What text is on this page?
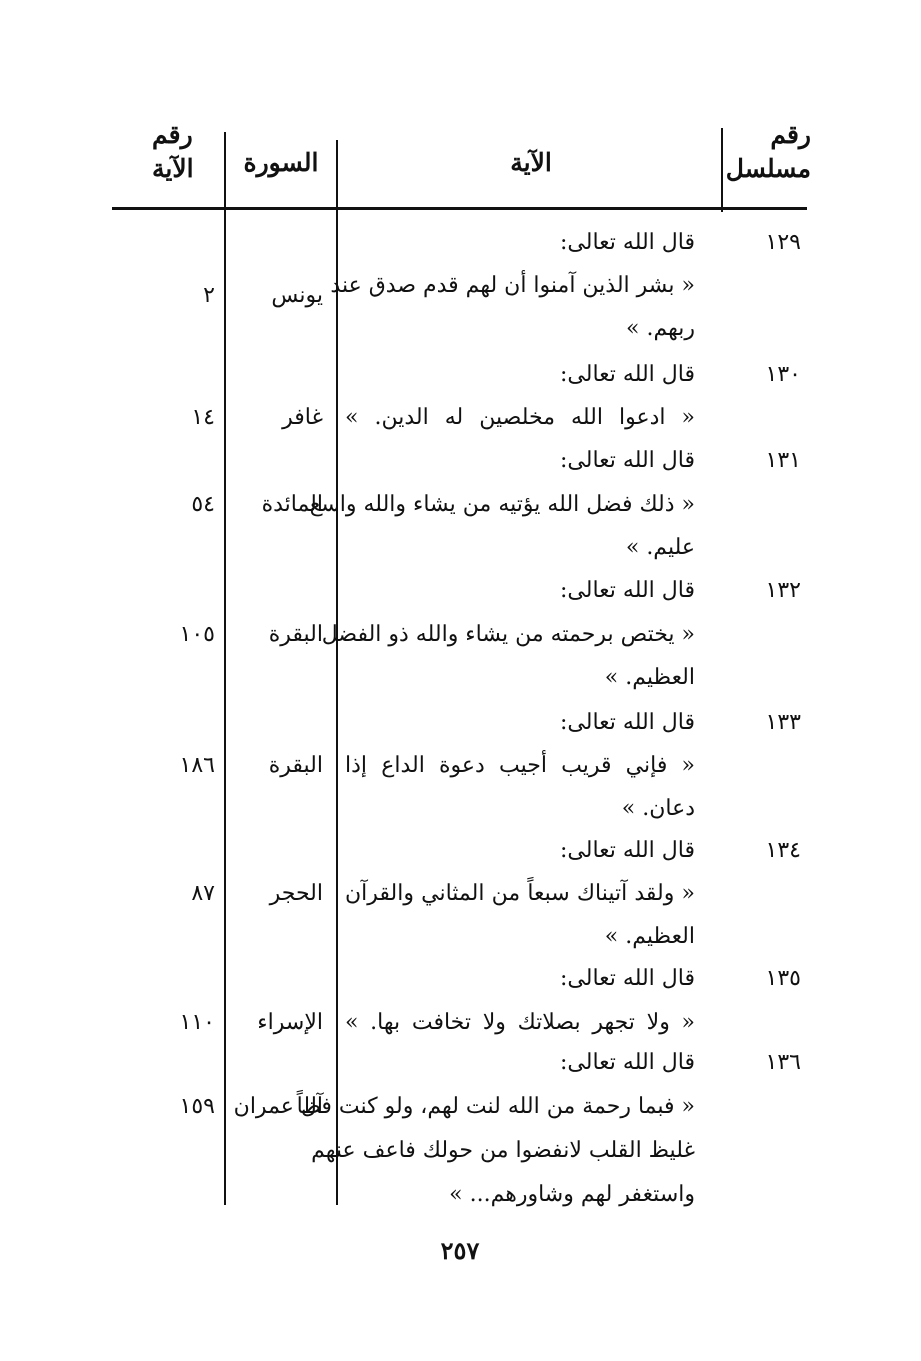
رقم
مسلسل
الآية
السورة
رقم
الآية
١٢٩
قال الله تعالى:
« بشر الذين آمنوا أن لهم قدم صدق عند
ربهم. »
يونس
٢
١٣٠
قال الله تعالى:
« ادعوا الله مخلصين له الدين. »
غافر
١٤
١٣١
قال الله تعالى:
« ذلك فضل الله يؤتيه من يشاء والله واسع
عليم. »
المائدة
٥٤
١٣٢
قال الله تعالى:
« يختص برحمته من يشاء والله ذو الفضل
العظيم. »
البقرة
١٠٥
١٣٣
قال الله تعالى:
« فإني قريب أجيب دعوة الداع إذا
دعان. »
البقرة
١٨٦
١٣٤
قال الله تعالى:
« ولقد آتيناك سبعاً من المثاني والقرآن
العظيم. »
الحجر
٨٧
١٣٥
قال الله تعالى:
« ولا تجهر بصلاتك ولا تخافت بها. »
الإسراء
١١٠
١٣٦
قال الله تعالى:
« فبما رحمة من الله لنت لهم، ولو كنت فظاً
غليظ القلب لانفضوا من حولك فاعف عنهم
واستغفر لهم وشاورهم... »
آل عمران
١٥٩
٢٥٧
